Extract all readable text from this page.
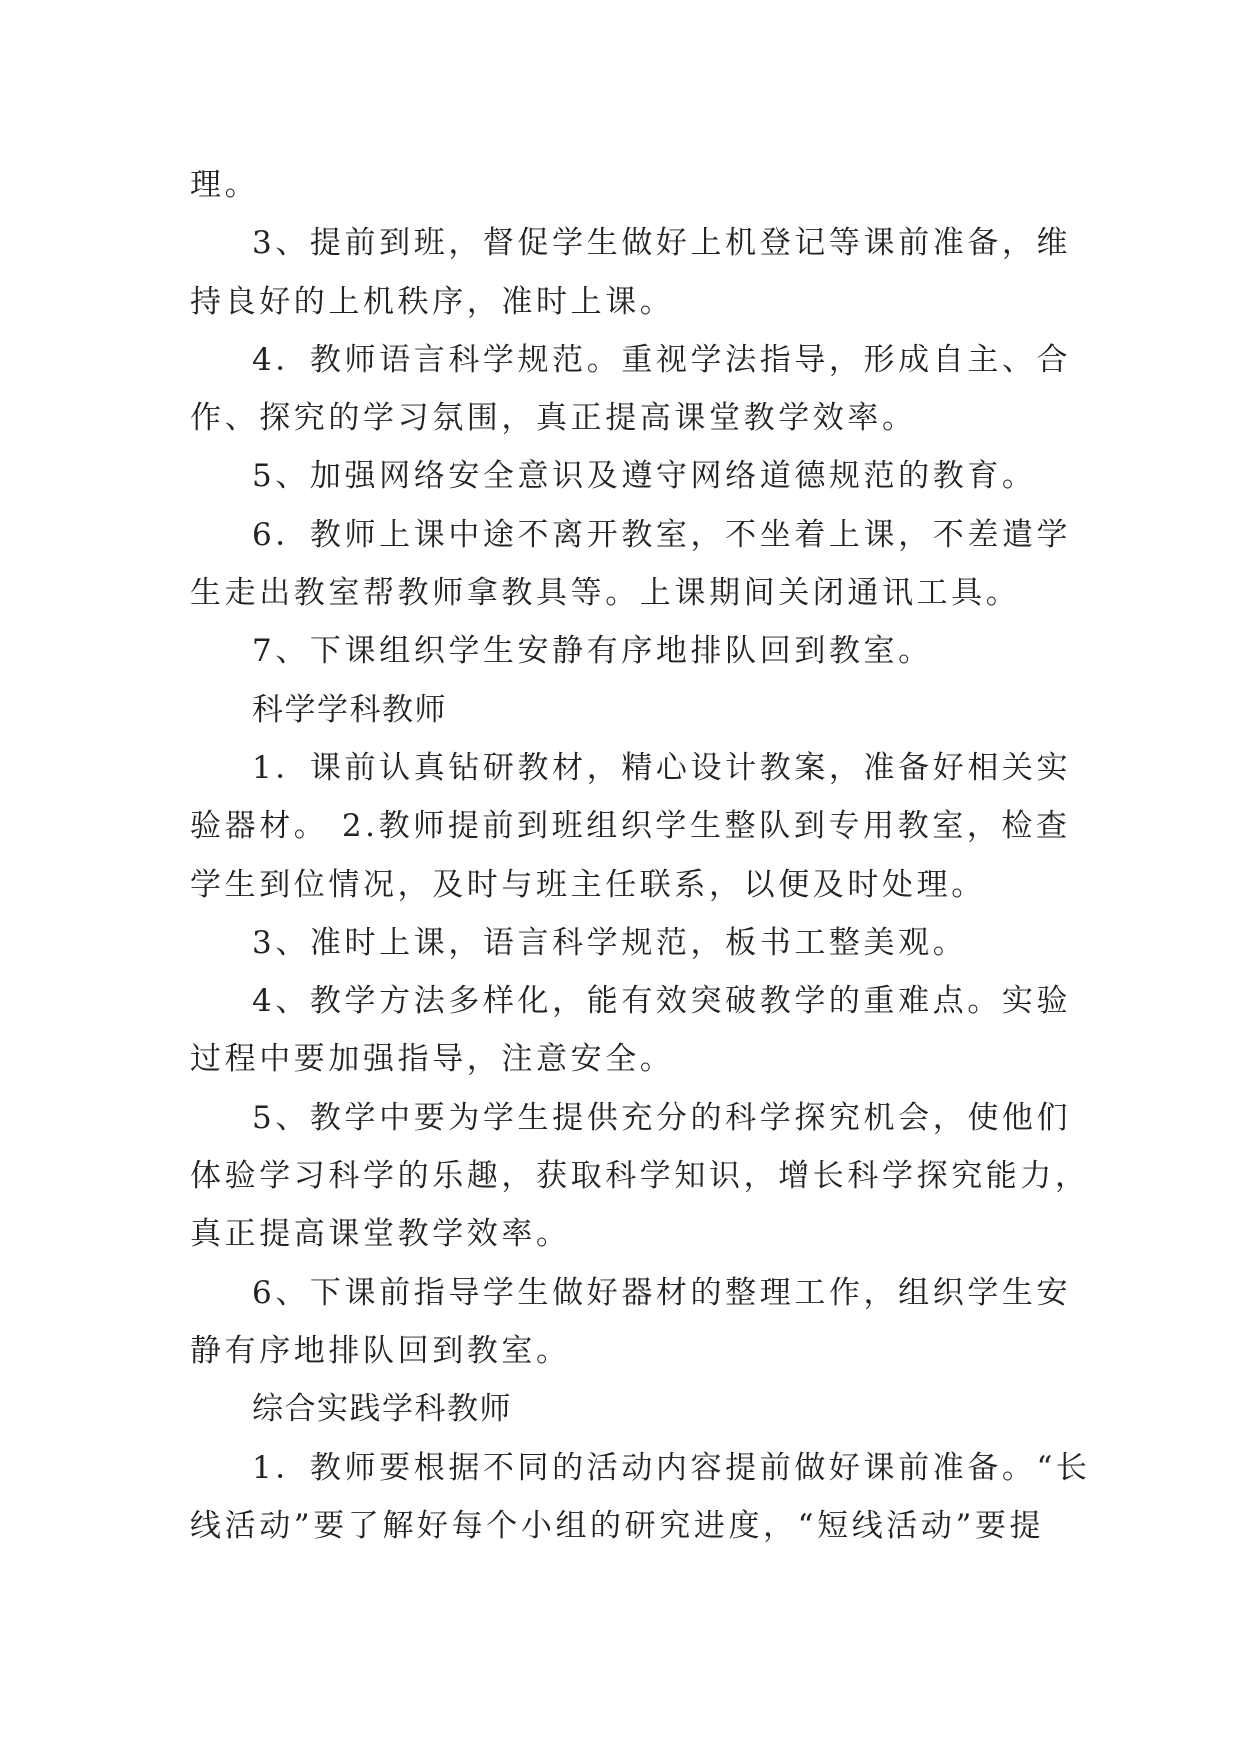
理。
3、提前到班，督促学生做好上机登记等课前准备，维
持良好的上机秩序，准时上课。
4．教师语言科学规范。重视学法指导，形成自主、合
作、探究的学习氛围，真正提高课堂教学效率。
5、加强网络安全意识及遵守网络道德规范的教育。
6．教师上课中途不离开教室，不坐着上课，不差遣学
生走出教室帮教师拿教具等。上课期间关闭通讯工具。
7、下课组织学生安静有序地排队回到教室。
科学学科教师
1．课前认真钻研教材，精心设计教案，准备好相关实
验器材。 2.教师提前到班组织学生整队到专用教室，检查
学生到位情况，及时与班主任联系，以便及时处理。
3、准时上课，语言科学规范，板书工整美观。
4、教学方法多样化，能有效突破教学的重难点。实验
过程中要加强指导，注意安全。
5、教学中要为学生提供充分的科学探究机会，使他们
体验学习科学的乐趣，获取科学知识，增长科学探究能力，
真正提高课堂教学效率。
6、下课前指导学生做好器材的整理工作，组织学生安
静有序地排队回到教室。
综合实践学科教师
1．教师要根据不同的活动内容提前做好课前准备。“长
线活动”要了解好每个小组的研究进度，“短线活动”要提
